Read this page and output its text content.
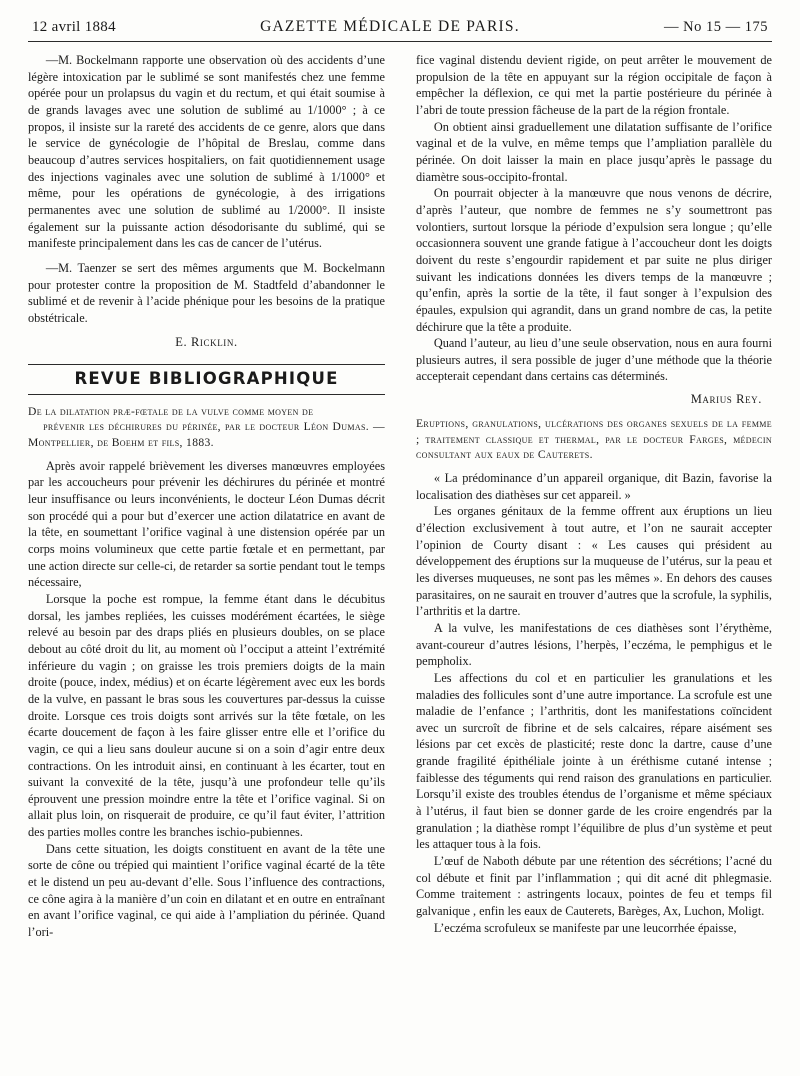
12 avril 1884	GAZETTE MÉDICALE DE PARIS.	— No 15 — 175

—M. Bockelmann rapporte une observation où des accidents d’une légère intoxication par le sublimé se sont manifestés chez une femme opérée pour un prolapsus du vagin et du rectum, et qui était soumise à de grands lavages avec une solution de sublimé au 1/1000° ; à ce propos, il insiste sur la rareté des accidents de ce genre, alors que dans le service de gynécologie de l’hôpital de Breslau, comme dans beaucoup d’autres services hospitaliers, on fait quotidiennement usage des injections vaginales avec une solution de sublimé à 1/1000° et même, pour les opérations de gynécologie, à des irrigations permanentes avec une solution de sublimé au 1/2000°. Il insiste également sur la puissante action désodorisante du sublimé, qui se manifeste principalement dans les cas de cancer de l’utérus.

—M. Taenzer se sert des mêmes arguments que M. Bockelmann pour protester contre la proposition de M. Stadtfeld d’abandonner le sublimé et de revenir à l’acide phénique pour les besoins de la pratique obstétricale.

E. Ricklin.
REVUE BIBLIOGRAPHIQUE
De la dilatation præ-fœtale de la vulve comme moyen de
prévenir les déchirures du périnée, par le docteur Léon Dumas. — Montpellier, de Boehm et fils, 1883.

Après avoir rappelé brièvement les diverses manœuvres employées par les accoucheurs pour prévenir les déchirures du périnée et montré leur insuffisance ou leurs inconvénients, le docteur Léon Dumas décrit son procédé qui a pour but d’exercer une action dilatatrice en avant de la tête, en soumettant l’orifice vaginal à une distension opérée par un corps moins volumineux que cette partie fœtale et en permettant, par une action directe sur celle-ci, de retarder sa sortie pendant tout le temps nécessaire,

Lorsque la poche est rompue, la femme étant dans le décubitus dorsal, les jambes repliées, les cuisses modérément écartées, le siège relevé au besoin par des draps pliés en plusieurs doubles, on se place debout au côté droit du lit, au moment où l’occiput a atteint l’extrémité inférieure du vagin ; on graisse les trois premiers doigts de la main droite (pouce, index, médius) et on écarte légèrement avec eux les bords de la vulve, en passant le bras sous les couvertures par-dessus la cuisse droite. Lorsque ces trois doigts sont arrivés sur la tête fœtale, on les écarte doucement de façon à les faire glisser entre elle et l’orifice du vagin, ce qui a lieu sans douleur aucune si on a soin d’agir entre deux contractions. On les introduit ainsi, en continuant à les écarter, tout en suivant la convexité de la tête, jusqu’à une profondeur telle qu’ils éprouvent une pression moindre entre la tête et l’orifice vaginal. Si on allait plus loin, on risquerait de produire, ce qu’il faut éviter, l’attrition des parties molles contre les branches ischio-pubiennes.

Dans cette situation, les doigts constituent en avant de la tête une sorte de cône ou trépied qui maintient l’orifice vaginal écarté de la tête et le distend un peu au-devant d’elle. Sous l’influence des contractions, ce cône agira à la manière d’un coin en dilatant et en outre en entraînant en avant l’orifice vaginal, ce qui aide à l’ampliation du périnée. Quand l’ori-

fice vaginal distendu devient rigide, on peut arrêter le mouvement de propulsion de la tête en appuyant sur la région occipitale de façon à empêcher la déflexion, ce qui met la partie postérieure du périnée à l’abri de toute pression fâcheuse de la part de la région frontale.

On obtient ainsi graduellement une dilatation suffisante de l’orifice vaginal et de la vulve, en même temps que l’ampliation parallèle du périnée. On doit laisser la main en place jusqu’après le passage du diamètre sous-occipito-frontal.

On pourrait objecter à la manœuvre que nous venons de décrire, d’après l’auteur, que nombre de femmes ne s’y soumettront pas volontiers, surtout lorsque la période d’expulsion sera longue ; qu’elle occasionnera souvent une grande fatigue à l’accoucheur dont les doigts doivent du reste s’engourdir rapidement et par suite ne plus diriger suivant les indications données les divers temps de la manœuvre ; qu’enfin, après la sortie de la tête, il faut songer à l’expulsion des épaules, expulsion qui agrandit, dans un grand nombre de cas, la petite déchirure que la tête a produite.

Quand l’auteur, au lieu d’une seule observation, nous en aura fourni plusieurs autres, il sera possible de juger d’une méthode que la théorie accepterait cependant dans certains cas déterminés.

Marius Rey.
Eruptions, granulations, ulcérations des organes sexuels de la femme ; traitement classique et thermal, par le docteur Farges, médecin consultant aux eaux de Cauterets.

« La prédominance d’un appareil organique, dit Bazin, favorise la localisation des diathèses sur cet appareil. »

Les organes génitaux de la femme offrent aux éruptions un lieu d’élection exclusivement à tout autre, et l’on ne saurait accepter l’opinion de Courty disant : « Les causes qui président au développement des éruptions sur la muqueuse de l’utérus, sur la peau et les diverses muqueuses, ne sont pas les mêmes ». En dehors des causes parasitaires, on ne saurait en trouver d’autres que la scrofule, la syphilis, l’arthritis et la dartre.

A la vulve, les manifestations de ces diathèses sont l’érythème, avant-coureur d’autres lésions, l’herpès, l’eczéma, le pemphigus et le pempholix.

Les affections du col et en particulier les granulations et les maladies des follicules sont d’une autre importance. La scrofule est une maladie de l’enfance ; l’arthritis, dont les manifestations coïncident avec un surcroît de fibrine et de sels calcaires, répare aisément ses lésions par cet excès de plasticité; reste donc la dartre, cause d’une grande fragilité épithéliale jointe à un éréthisme cutané intense ; faiblesse des téguments qui rend raison des granulations en particulier. Lorsqu’il existe des troubles étendus de l’organisme et même spéciaux à l’utérus, il faut bien se donner garde de les croire engendrés par la granulation ; la diathèse rompt l’équilibre de plus d’un système et peut les attaquer tous à la fois.

L’œuf de Naboth débute par une rétention des sécrétions; l’acné du col débute et finit par l’inflammation ; qui dit acné dit phlegmasie. Comme traitement : astringents locaux, pointes de feu et temps fil galvanique , enfin les eaux de Cauterets, Barèges, Ax, Luchon, Moligt.

L’eczéma scrofuleux se manifeste par une leucorrhée épaisse,
